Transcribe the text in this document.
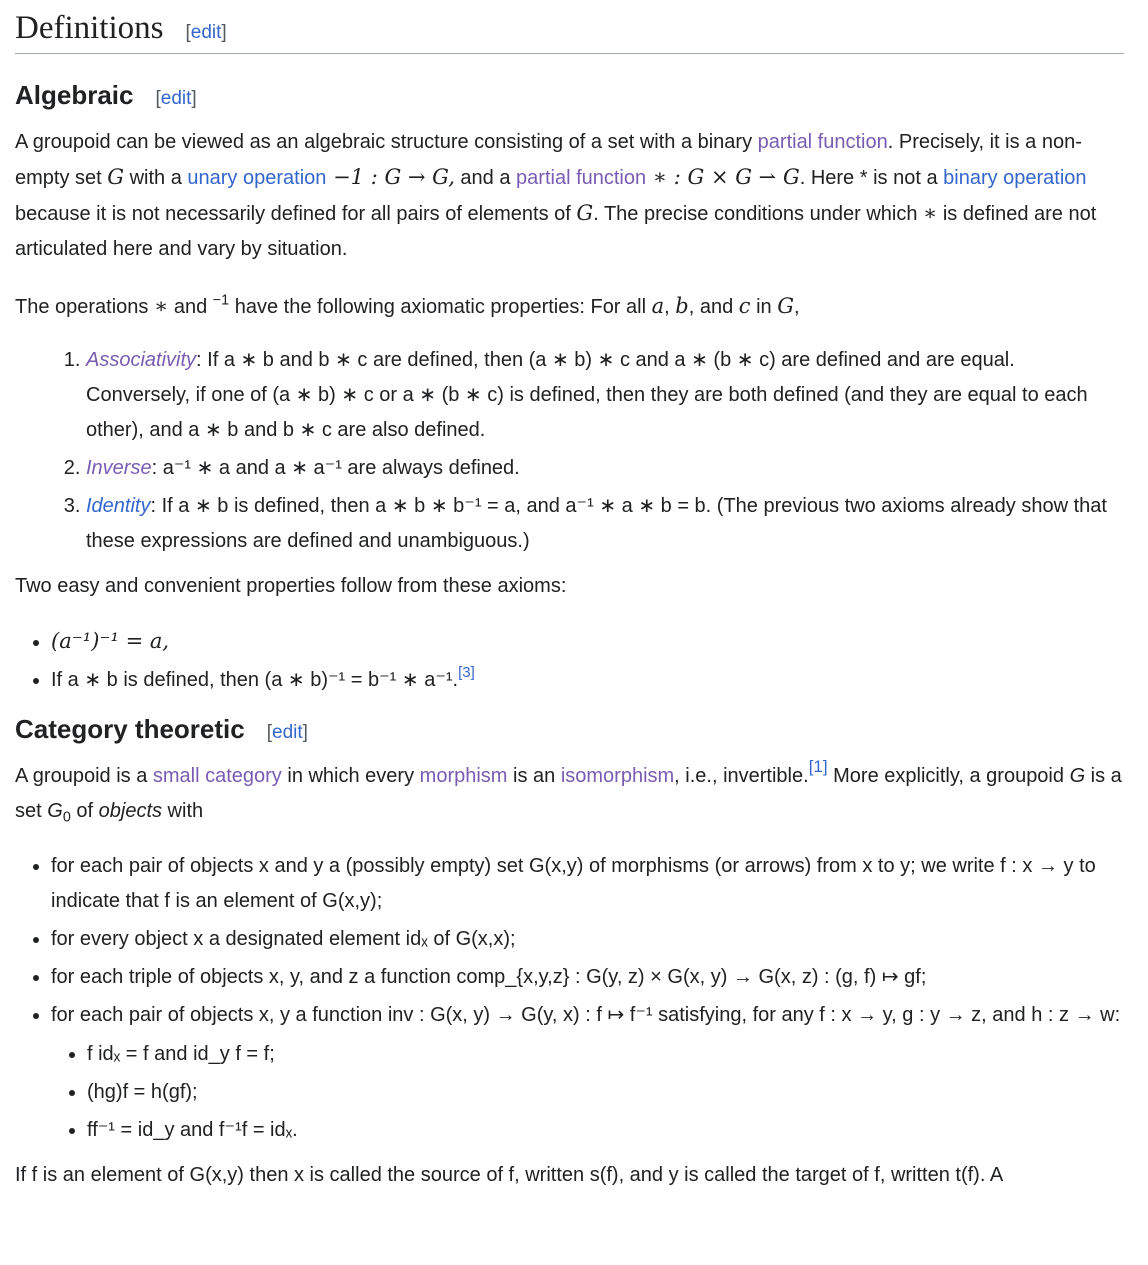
Definitions [edit]
Algebraic [edit]

A groupoid can be viewed as an algebraic structure consisting of a set with a binary partial function. Precisely, it is a non-empty set G with a unary operation −1 : G → G, and a partial function ∗ : G × G ⇀ G. Here * is not a binary operation because it is not necessarily defined for all pairs of elements of G. The precise conditions under which ∗ is defined are not articulated here and vary by situation.

The operations ∗ and $^{-1}$ have the following axiomatic properties: For all a, b, and c in G,

1. Associativity: If a ∗ b and b ∗ c are defined, then (a ∗ b) ∗ c and a ∗ (b ∗ c) are defined and are equal. Conversely, if one of (a ∗ b) ∗ c or a ∗ (b ∗ c) is defined, then they are both defined (and they are equal to each other), and a ∗ b and b ∗ c are also defined.
2. Inverse: a⁻¹ ∗ a and a ∗ a⁻¹ are always defined.
3. Identity: If a ∗ b is defined, then a ∗ b ∗ b⁻¹ = a, and a⁻¹ ∗ a ∗ b = b. (The previous two axioms already show that these expressions are defined and unambiguous.)

Two easy and convenient properties follow from these axioms:

• (a⁻¹)⁻¹ = a,
• If a ∗ b is defined, then (a ∗ b)⁻¹ = b⁻¹ ∗ a⁻¹.[3]
Category theoretic [edit]

A groupoid is a small category in which every morphism is an isomorphism, i.e., invertible.[1] More explicitly, a groupoid G is a set $G_0$ of objects with

• for each pair of objects x and y a (possibly empty) set G(x,y) of morphisms (or arrows) from x to y; we write f : x → y to indicate that f is an element of G(x,y);
• for every object x a designated element idₓ of G(x,x);
• for each triple of objects x, y, and z a function comp_{x,y,z} : G(y, z) × G(x, y) → G(x, z) : (g, f) ↦ gf;
• for each pair of objects x, y a function inv : G(x, y) → G(y, x) : f ↦ f⁻¹ satisfying, for any f : x → y, g : y → z, and h : z → w:
• f idₓ = f and id_y f = f;
• (hg)f = h(gf);
• ff⁻¹ = id_y and f⁻¹f = idₓ.

If f is an element of G(x,y) then x is called the source of f, written s(f), and y is called the target of f, written t(f). A
